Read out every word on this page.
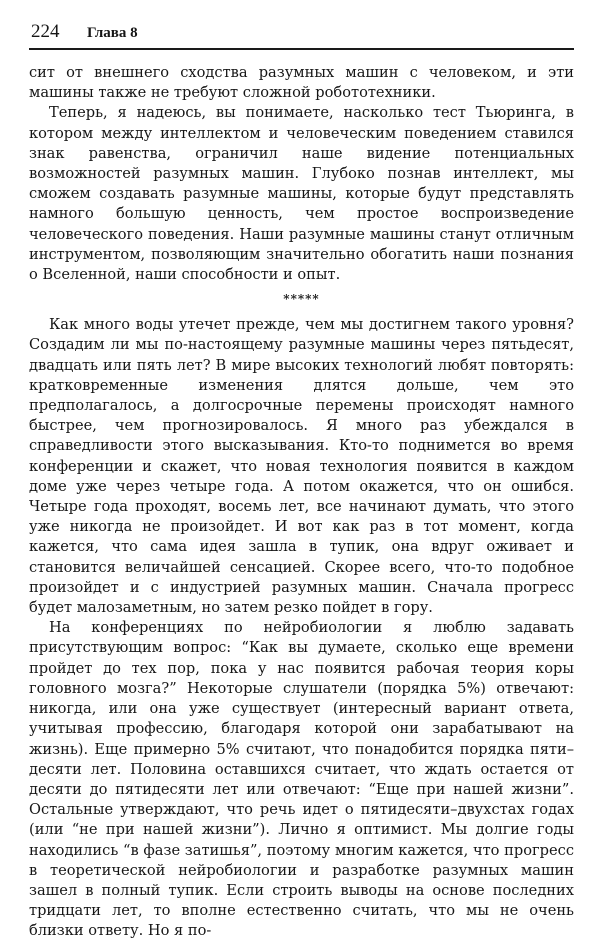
224 Глава 8

сит от внешнего сходства разумных машин с человеком, и эти машины также не требуют сложной робототехники.

Теперь, я надеюсь, вы понимаете, насколько тест Тьюринга, в котором между интеллектом и человеческим поведением ставился знак равенства, ограничил наше видение потенциальных возможностей разумных машин. Глубоко познав интеллект, мы сможем создавать разумные машины, которые будут представлять намного большую ценность, чем простое воспроизведение человеческого поведения. Наши разумные машины станут отличным инструментом, позволяющим значительно обогатить наши познания о Вселенной, наши способности и опыт.

*****

Как много воды утечет прежде, чем мы достигнем такого уровня? Создадим ли мы по-настоящему разумные машины через пятьдесят, двадцать или пять лет? В мире высоких технологий любят повторять: кратковременные изменения длятся дольше, чем это предполагалось, а долгосрочные перемены происходят намного быстрее, чем прогнозировалось. Я много раз убеждался в справедливости этого высказывания. Кто-то поднимется во время конференции и скажет, что новая технология появится в каждом доме уже через четыре года. А потом окажется, что он ошибся. Четыре года проходят, восемь лет, все начинают думать, что этого уже никогда не произойдет. И вот как раз в тот момент, когда кажется, что сама идея зашла в тупик, она вдруг оживает и становится величайшей сенсацией. Скорее всего, что-то подобное произойдет и с индустрией разумных машин. Сначала прогресс будет малозаметным, но затем резко пойдет в гору.

На конференциях по нейробиологии я люблю задавать присутствующим вопрос: “Как вы думаете, сколько еще времени пройдет до тех пор, пока у нас появится рабочая теория коры головного мозга?” Некоторые слушатели (порядка 5%) отвечают: никогда, или она уже существует (интересный вариант ответа, учитывая профессию, благодаря которой они зарабатывают на жизнь). Еще примерно 5% считают, что понадобится порядка пяти–десяти лет. Половина оставшихся считает, что ждать остается от десяти до пятидесяти лет или отвечают: “Еще при нашей жизни”. Остальные утверждают, что речь идет о пятидесяти–двухстах годах (или “не при нашей жизни”). Лично я оптимист. Мы долгие годы находились “в фазе затишья”, поэтому многим кажется, что прогресс в теоретической нейробиологии и разработке разумных машин зашел в полный тупик. Если строить выводы на основе последних тридцати лет, то вполне естественно считать, что мы не очень близки ответу. Но я по-
